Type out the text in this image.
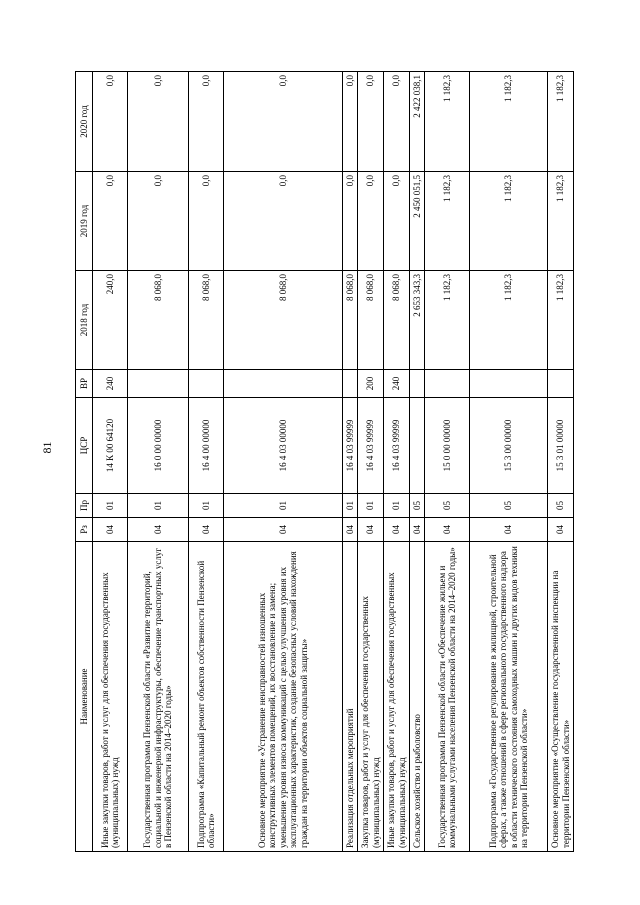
81
Наименование	Рз	Пр	ЦСР	ВР	2018 год	2019 год	2020 год
Иные закупки товаров, работ и услуг для обеспечения государственных (муниципальных) нужд	04	01	14 К 00 64120	240	240,0	0,0	0,0
Государственная программа Пензенской области «Развитие территорий, социальной и инженерной инфраструктуры, обеспечение транспортных услуг в Пензенской области на 2014–2020 годы»	04	01	16 0 00 00000		8 068,0	0,0	0,0
Подпрограмма «Капитальный ремонт объектов собственности Пензенской области»	04	01	16 4 00 00000		8 068,0	0,0	0,0
Основное мероприятие «Устранение неисправностей изношенных конструктивных элементов помещений, их восстановление и замена; уменьшение уровня износа коммуникаций с целью улучшения уровня их эксплуатационных характеристик, создание безопасных условий нахождения граждан на территории объектов социальной защиты»	04	01	16 4 03 00000		8 068,0	0,0	0,0
Реализация отдельных мероприятий	04	01	16 4 03 99999		8 068,0	0,0	0,0
Закупка товаров, работ и услуг для обеспечения государственных (муниципальных) нужд	04	01	16 4 03 99999	200	8 068,0	0,0	0,0
Иные закупки товаров, работ и услуг для обеспечения государственных (муниципальных) нужд	04	01	16 4 03 99999	240	8 068,0	0,0	0,0
Сельское хозяйство и рыболовство	04	05			2 653 343,3	2 450 051,5	2 422 038,1
Государственная программа Пензенской области «Обеспечение жильем и коммунальными услугами населения Пензенской области на 2014–2020 годы»	04	05	15 0 00 00000		1 182,3	1 182,3	1 182,3
Подпрограмма «Государственное регулирование в жилищной, строительной сферах, а также отношений в сфере регионального государственного надзора в области технического состояния самоходных машин и других видов техники на территории Пензенской области»	04	05	15 3 00 00000		1 182,3	1 182,3	1 182,3
Основное мероприятие «Осуществление государственной инспекции на территории Пензенской области»	04	05	15 3 01 00000		1 182,3	1 182,3	1 182,3
